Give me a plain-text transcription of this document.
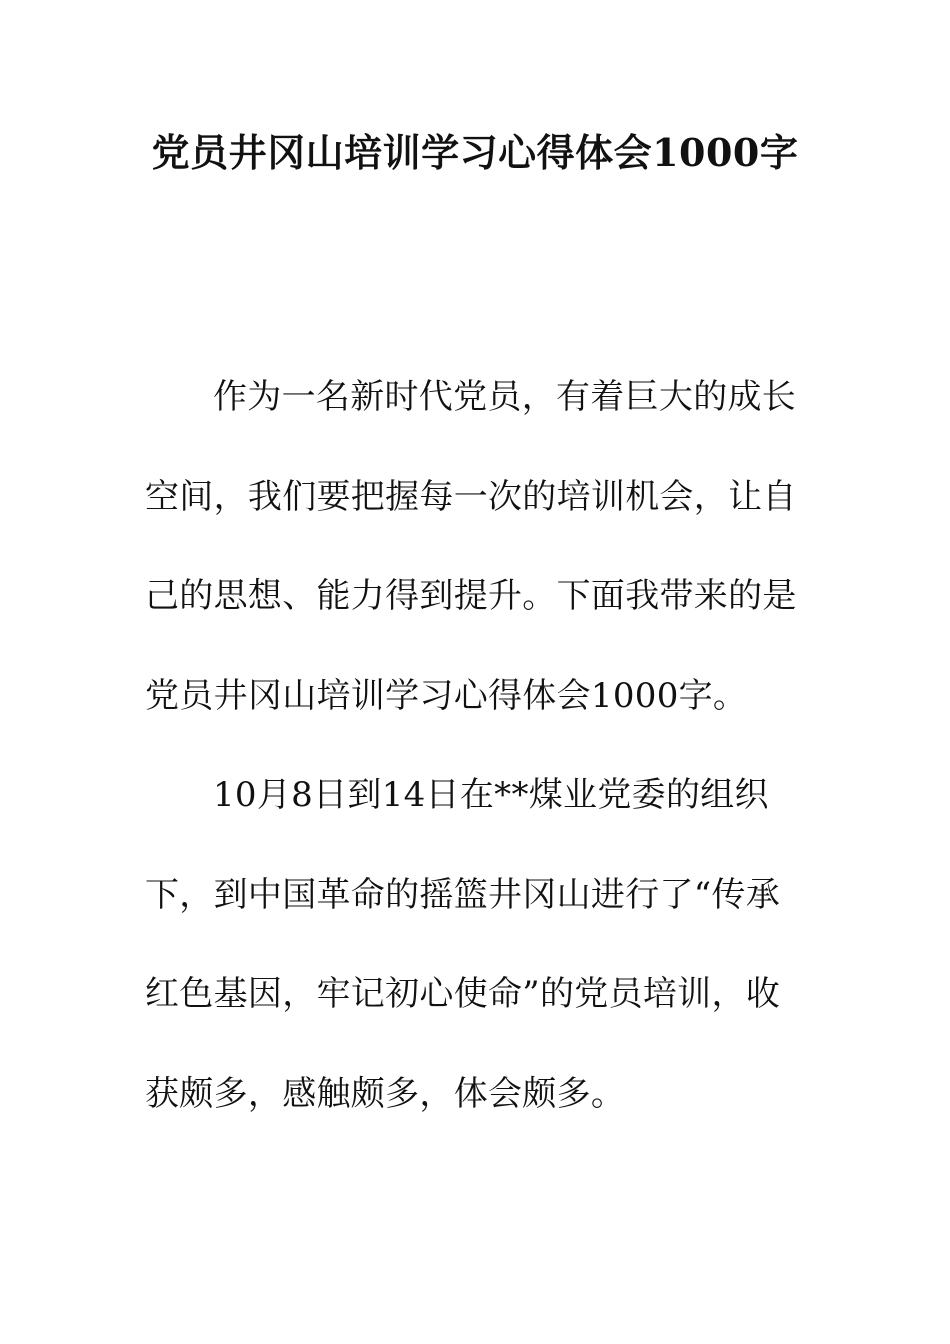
党员井冈山培训学习心得体会1000字

作为一名新时代党员，有着巨大的成长空间，我们要把握每一次的培训机会，让自己的思想、能力得到提升。下面我带来的是党员井冈山培训学习心得体会1000字。

10月8日到14日在**煤业党委的组织下，到中国革命的摇篮井冈山进行了“传承红色基因，牢记初心使命”的党员培训，收获颇多，感触颇多，体会颇多。
